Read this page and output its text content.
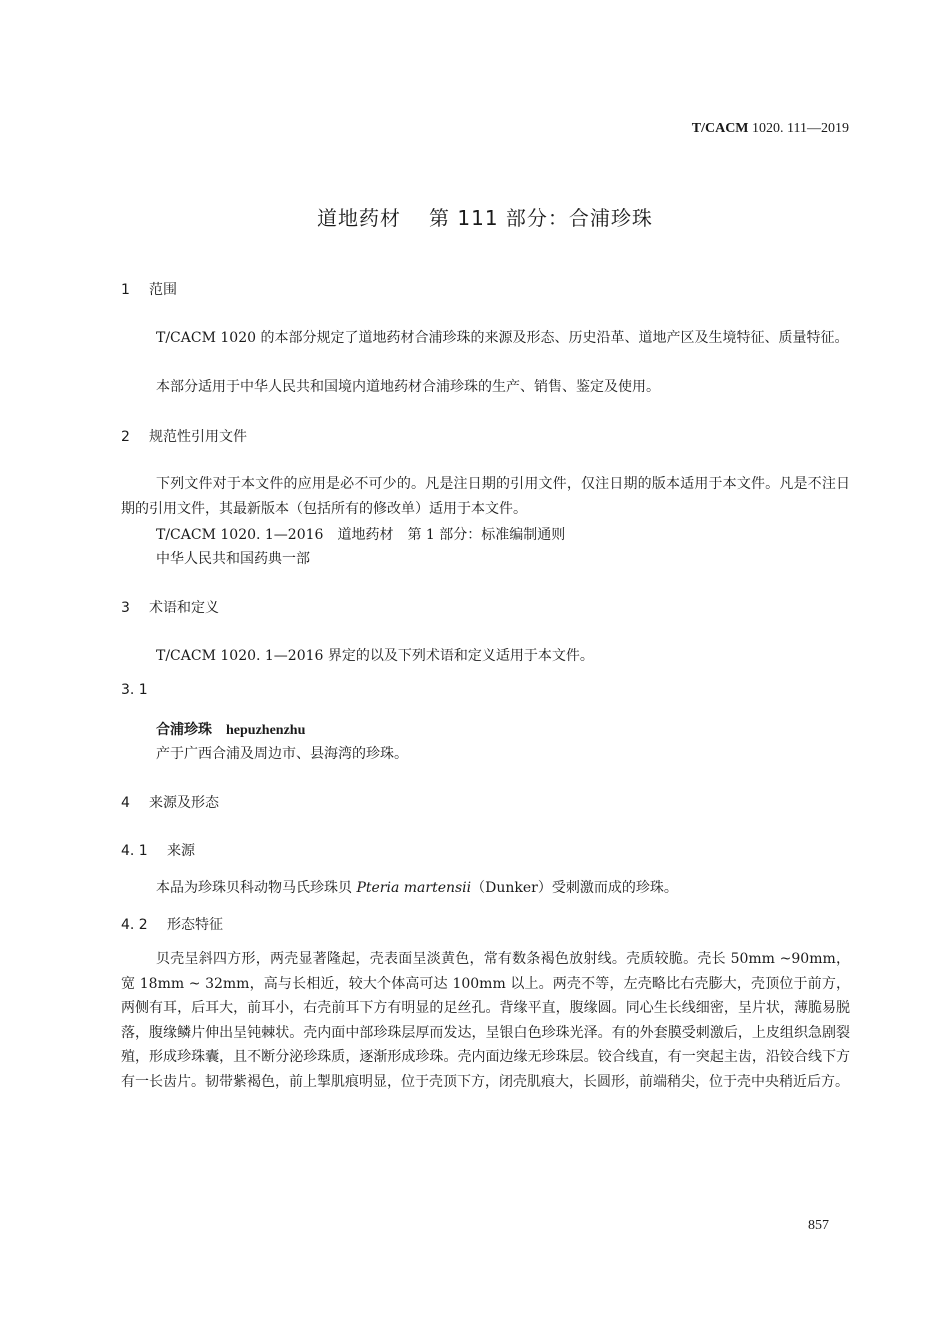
T/CACM 1020. 111—2019
道地药材 第 111 部分：合浦珍珠
1 范围
T/CACM 1020 的本部分规定了道地药材合浦珍珠的来源及形态、历史沿革、道地产区及生境特征、质量特征。
本部分适用于中华人民共和国境内道地药材合浦珍珠的生产、销售、鉴定及使用。
2 规范性引用文件
下列文件对于本文件的应用是必不可少的。凡是注日期的引用文件，仅注日期的版本适用于本文件。凡是不注日期的引用文件，其最新版本（包括所有的修改单）适用于本文件。
T/CACM 1020. 1—2016　道地药材　第 1 部分：标准编制通则
中华人民共和国药典一部
3 术语和定义
T/CACM 1020. 1—2016 界定的以及下列术语和定义适用于本文件。
3. 1
合浦珍珠 hepuzhenzhu
产于广西合浦及周边市、县海湾的珍珠。
4 来源及形态
4. 1 来源
本品为珍珠贝科动物马氏珍珠贝 Pteria martensii（Dunker）受刺激而成的珍珠。
4. 2 形态特征
贝壳呈斜四方形，两壳显著隆起，壳表面呈淡黄色，常有数条褐色放射线。壳质较脆。壳长 50mm ~90mm，宽 18mm ~ 32mm，高与长相近，较大个体高可达 100mm 以上。两壳不等，左壳略比右壳膨大，壳顶位于前方，两侧有耳，后耳大，前耳小，右壳前耳下方有明显的足丝孔。背缘平直，腹缘圆。同心生长线细密，呈片状，薄脆易脱落，腹缘鳞片伸出呈钝棘状。壳内面中部珍珠层厚而发达，呈银白色珍珠光泽。有的外套膜受刺激后，上皮组织急剧裂殖，形成珍珠囊，且不断分泌珍珠质，逐渐形成珍珠。壳内面边缘无珍珠层。铰合线直，有一突起主齿，沿铰合线下方有一长齿片。韧带紫褐色，前上掣肌痕明显，位于壳顶下方，闭壳肌痕大，长圆形，前端稍尖，位于壳中央稍近后方。
857
